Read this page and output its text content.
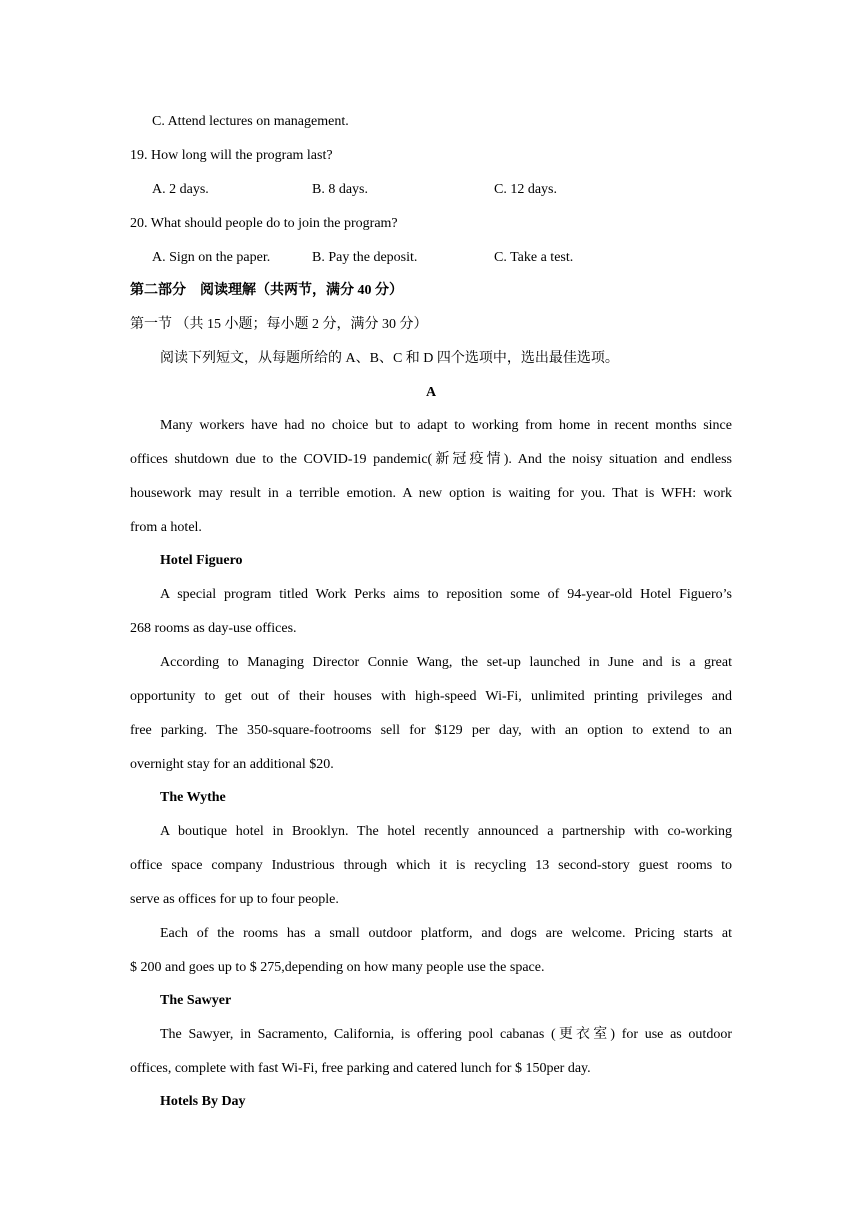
C. Attend lectures on management.
19. How long will the program last?
A. 2 days.	B. 8 days.	C. 12 days.
20. What should people do to join the program?
A. Sign on the paper.	B. Pay the deposit.	C. Take a test.
第二部分　阅读理解（共两节，满分 40 分）
第一节 （共 15 小题；每小题 2 分，满分 30 分）
阅读下列短文，从每题所给的 A、B、C 和 D 四个选项中，选出最佳选项。
A
Many workers have had no choice but to adapt to working from home in recent months since
offices shutdown due to the COVID-19 pandemic(新冠疫情). And the noisy situation and endless
housework may result in a terrible emotion. A new option is waiting for you. That is WFH: work
from a hotel.
Hotel Figuero
A special program titled Work Perks aims to reposition some of 94-year-old Hotel Figuero’s
268 rooms as day-use offices.
According to Managing Director Connie Wang, the set-up launched in June and is a great
opportunity to get out of their houses with high-speed Wi-Fi, unlimited printing privileges and
free parking. The 350-square-footrooms sell for $129 per day, with an option to extend to an
overnight stay for an additional $20.
The Wythe
A boutique hotel in Brooklyn. The hotel recently announced a partnership with co-working
office space company Industrious through which it is recycling 13 second-story guest rooms to
serve as offices for up to four people.
Each of the rooms has a small outdoor platform, and dogs are welcome. Pricing starts at
$ 200 and goes up to $ 275,depending on how many people use the space.
The Sawyer
The Sawyer, in Sacramento, California, is offering pool cabanas (更衣室) for use as outdoor
offices, complete with fast Wi-Fi, free parking and catered lunch for $ 150per day.
Hotels By Day
